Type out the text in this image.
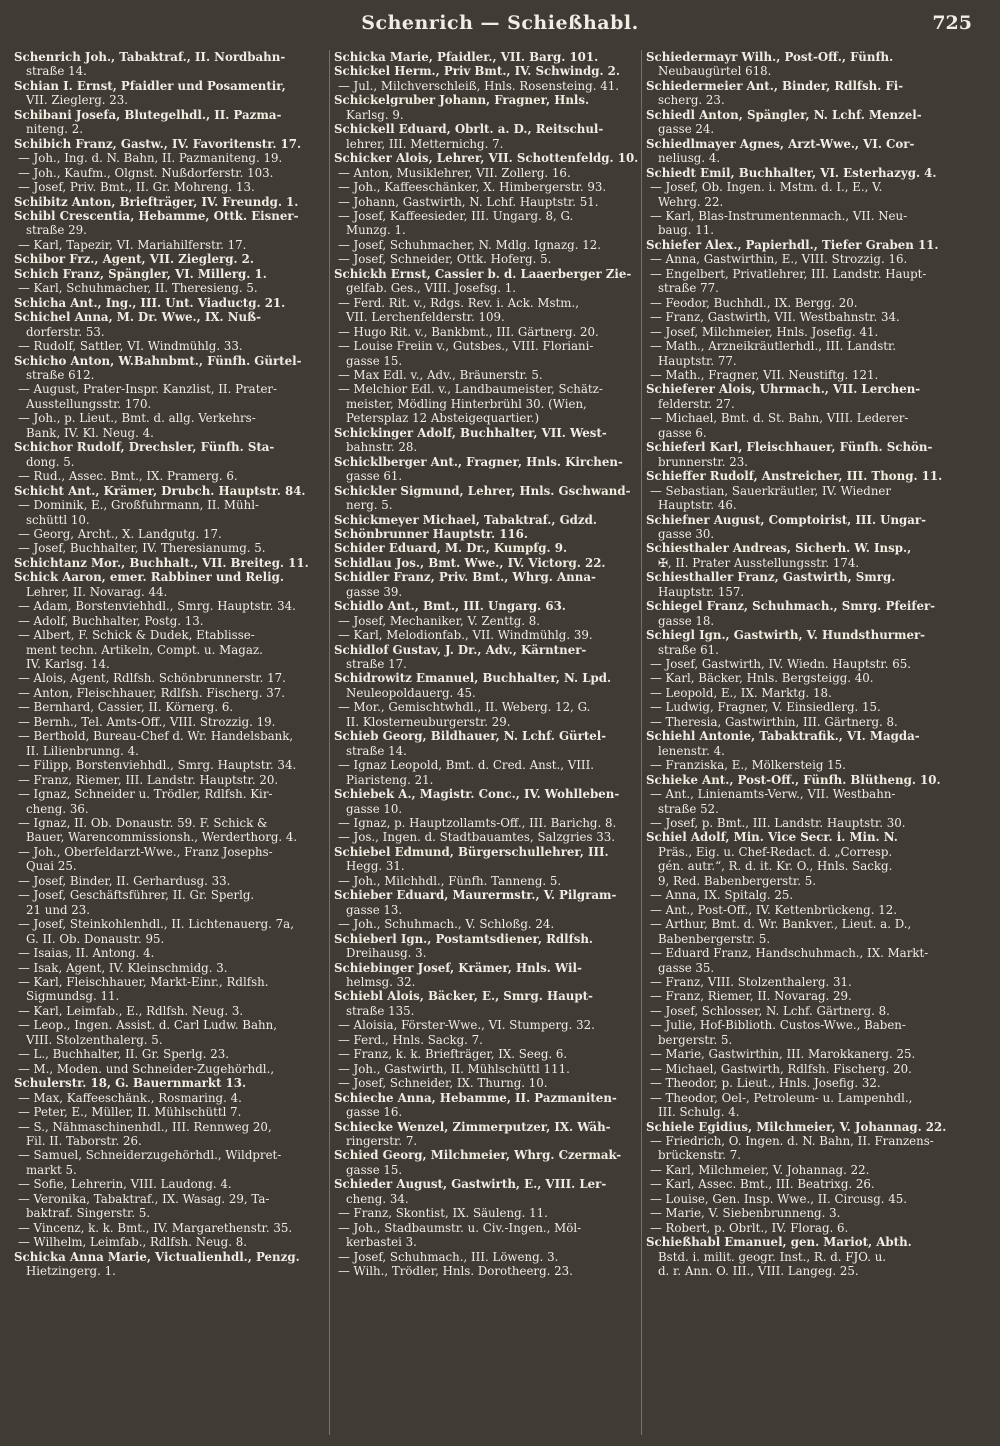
Schenrich — Schießhabl.	725
Schenrich Joh., Tabaktraf., II. Nordbahn-
straße 14.
Schian I. Ernst, Pfaidler und Posamentir,
VII. Zieglerg. 23.
Schibani Josefa, Blutegelhdl., II. Pazma-
niteng. 2.
Schibich Franz, Gastw., IV. Favoritenstr. 17.
— Joh., Ing. d. N. Bahn, II. Pazmaniteng. 19.
— Joh., Kaufm., Olgnst. Nußdorferstr. 103.
— Josef, Priv. Bmt., II. Gr. Mohreng. 13.
Schibitz Anton, Briefträger, IV. Freundg. 1.
Schibl Crescentia, Hebamme, Ottk. Eisner-
straße 29.
— Karl, Tapezir, VI. Mariahilferstr. 17.
Schibor Frz., Agent, VII. Zieglerg. 2.
Schich Franz, Spängler, VI. Millerg. 1.
— Karl, Schuhmacher, II. Theresieng. 5.
Schicha Ant., Ing., III. Unt. Viaductg. 21.
Schichel Anna, M. Dr. Wwe., IX. Nuß-
dorferstr. 53.
— Rudolf, Sattler, VI. Windmühlg. 33.
Schicho Anton, W.Bahnbmt., Fünfh. Gürtel-
straße 612.
— August, Prater-Inspr. Kanzlist, II. Prater-
Ausstellungsstr. 170.
— Joh., p. Lieut., Bmt. d. allg. Verkehrs-
Bank, IV. Kl. Neug. 4.
Schichor Rudolf, Drechsler, Fünfh. Sta-
dong. 5.
— Rud., Assec. Bmt., IX. Pramerg. 6.
Schicht Ant., Krämer, Drubch. Hauptstr. 84.
— Dominik, E., Großfuhrmann, II. Mühl-
schüttl 10.
— Georg, Archt., X. Landgutg. 17.
— Josef, Buchhalter, IV. Theresianumg. 5.
Schichtanz Mor., Buchhalt., VII. Breiteg. 11.
Schick Aaron, emer. Rabbiner und Relig.
Lehrer, II. Novarag. 44.
— Adam, Borstenviehhdl., Smrg. Hauptstr. 34.
— Adolf, Buchhalter, Postg. 13.
— Albert, F. Schick & Dudek, Etablisse-
ment techn. Artikeln, Compt. u. Magaz.
IV. Karlsg. 14.
— Alois, Agent, Rdlfsh. Schönbrunnerstr. 17.
— Anton, Fleischhauer, Rdlfsh. Fischerg. 37.
— Bernhard, Cassier, II. Körnerg. 6.
— Bernh., Tel. Amts-Off., VIII. Strozzig. 19.
— Berthold, Bureau-Chef d. Wr. Handelsbank,
II. Lilienbrunng. 4.
— Filipp, Borstenviehhdl., Smrg. Hauptstr. 34.
— Franz, Riemer, III. Landstr. Hauptstr. 20.
— Ignaz, Schneider u. Trödler, Rdlfsh. Kir-
cheng. 36.
— Ignaz, II. Ob. Donaustr. 59. F. Schick &
Bauer, Warencommissionsh., Werderthorg. 4.
— Joh., Oberfeldarzt-Wwe., Franz Josephs-
Quai 25.
— Josef, Binder, II. Gerhardusg. 33.
— Josef, Geschäftsführer, II. Gr. Sperlg.
21 und 23.
— Josef, Steinkohlenhdl., II. Lichtenauerg. 7a,
G. II. Ob. Donaustr. 95.
— Isaias, II. Antong. 4.
— Isak, Agent, IV. Kleinschmidg. 3.
— Karl, Fleischhauer, Markt-Einr., Rdlfsh.
Sigmundsg. 11.
— Karl, Leimfab., E., Rdlfsh. Neug. 3.
— Leop., Ingen. Assist. d. Carl Ludw. Bahn,
VIII. Stolzenthalerg. 5.
— L., Buchhalter, II. Gr. Sperlg. 23.
— M., Moden. und Schneider-Zugehörhdl.,
Schulerstr. 18, G. Bauernmarkt 13.
— Max, Kaffeeschänk., Rosmaring. 4.
— Peter, E., Müller, II. Mühlschüttl 7.
— S., Nähmaschinenhdl., III. Rennweg 20,
Fil. II. Taborstr. 26.
— Samuel, Schneiderzugehörhdl., Wildpret-
markt 5.
— Sofie, Lehrerin, VIII. Laudong. 4.
— Veronika, Tabaktraf., IX. Wasag. 29, Ta-
baktraf. Singerstr. 5.
— Vincenz, k. k. Bmt., IV. Margarethenstr. 35.
— Wilhelm, Leimfab., Rdlfsh. Neug. 8.
Schicka Anna Marie, Victualienhdl., Penzg.
Hietzingerg. 1.
Schicka Marie, Pfaidler., VII. Barg. 101.
Schickel Herm., Priv Bmt., IV. Schwindg. 2.
— Jul., Milchverschleiß, Hnls. Rosensteing. 41.
Schickelgruber Johann, Fragner, Hnls.
Karlsg. 9.
Schickell Eduard, Obrlt. a. D., Reitschul-
lehrer, III. Metternichg. 7.
Schicker Alois, Lehrer, VII. Schottenfeldg. 10.
— Anton, Musiklehrer, VII. Zollerg. 16.
— Joh., Kaffeeschänker, X. Himbergerstr. 93.
— Johann, Gastwirth, N. Lchf. Hauptstr. 51.
— Josef, Kaffeesieder, III. Ungarg. 8, G.
Munzg. 1.
— Josef, Schuhmacher, N. Mdlg. Ignazg. 12.
— Josef, Schneider, Ottk. Hoferg. 5.
Schickh Ernst, Cassier b. d. Laaerberger Zie-
gelfab. Ges., VIII. Josefsg. 1.
— Ferd. Rit. v., Rdgs. Rev. i. Ack. Mstm.,
VII. Lerchenfelderstr. 109.
— Hugo Rit. v., Bankbmt., III. Gärtnerg. 20.
— Louise Freiin v., Gutsbes., VIII. Floriani-
gasse 15.
— Max Edl. v., Adv., Bräunerstr. 5.
— Melchior Edl. v., Landbaumeister, Schätz-
meister, Mödling Hinterbrühl 30. (Wien,
Petersplaz 12 Absteigequartier.)
Schickinger Adolf, Buchhalter, VII. West-
bahnstr. 28.
Schicklberger Ant., Fragner, Hnls. Kirchen-
gasse 61.
Schickler Sigmund, Lehrer, Hnls. Gschwand-
nerg. 5.
Schickmeyer Michael, Tabaktraf., Gdzd.
Schönbrunner Hauptstr. 116.
Schider Eduard, M. Dr., Kumpfg. 9.
Schidlau Jos., Bmt. Wwe., IV. Victorg. 22.
Schidler Franz, Priv. Bmt., Whrg. Anna-
gasse 39.
Schidlo Ant., Bmt., III. Ungarg. 63.
— Josef, Mechaniker, V. Zenttg. 8.
— Karl, Melodionfab., VII. Windmühlg. 39.
Schidlof Gustav, J. Dr., Adv., Kärntner-
straße 17.
Schidrowitz Emanuel, Buchhalter, N. Lpd.
Neuleopoldauerg. 45.
— Mor., Gemischtwhdl., II. Weberg. 12, G.
II. Klosterneuburgerstr. 29.
Schieb Georg, Bildhauer, N. Lchf. Gürtel-
straße 14.
— Ignaz Leopold, Bmt. d. Cred. Anst., VIII.
Piaristeng. 21.
Schiebek A., Magistr. Conc., IV. Wohlleben-
gasse 10.
— Ignaz, p. Hauptzollamts-Off., III. Barichg. 8.
— Jos., Ingen. d. Stadtbauamtes, Salzgries 33.
Schiebel Edmund, Bürgerschullehrer, III.
Hegg. 31.
— Joh., Milchhdl., Fünfh. Tanneng. 5.
Schieber Eduard, Maurermstr., V. Pilgram-
gasse 13.
— Joh., Schuhmach., V. Schloßg. 24.
Schieberl Ign., Postamtsdiener, Rdlfsh.
Dreihausg. 3.
Schiebinger Josef, Krämer, Hnls. Wil-
helmsg. 32.
Schiebl Alois, Bäcker, E., Smrg. Haupt-
straße 135.
— Aloisia, Förster-Wwe., VI. Stumperg. 32.
— Ferd., Hnls. Sackg. 7.
— Franz, k. k. Briefträger, IX. Seeg. 6.
— Joh., Gastwirth, II. Mühlschüttl 111.
— Josef, Schneider, IX. Thurng. 10.
Schieche Anna, Hebamme, II. Pazmaniten-
gasse 16.
Schiecke Wenzel, Zimmerputzer, IX. Wäh-
ringerstr. 7.
Schied Georg, Milchmeier, Whrg. Czermak-
gasse 15.
Schieder August, Gastwirth, E., VIII. Ler-
cheng. 34.
— Franz, Skontist, IX. Säuleng. 11.
— Joh., Stadbaumstr. u. Civ.-Ingen., Möl-
kerbastei 3.
— Josef, Schuhmach., III. Löweng. 3.
— Wilh., Trödler, Hnls. Dorotheerg. 23.
Schiedermayr Wilh., Post-Off., Fünfh.
Neubaugürtel 618.
Schiedermeier Ant., Binder, Rdlfsh. Fi-
scherg. 23.
Schiedl Anton, Spängler, N. Lchf. Menzel-
gasse 24.
Schiedlmayer Agnes, Arzt-Wwe., VI. Cor-
neliusg. 4.
Schiedt Emil, Buchhalter, VI. Esterhazyg. 4.
— Josef, Ob. Ingen. i. Mstm. d. I., E., V.
Wehrg. 22.
— Karl, Blas-Instrumentenmach., VII. Neu-
baug. 11.
Schiefer Alex., Papierhdl., Tiefer Graben 11.
— Anna, Gastwirthin, E., VIII. Strozzig. 16.
— Engelbert, Privatlehrer, III. Landstr. Haupt-
straße 77.
— Feodor, Buchhdl., IX. Bergg. 20.
— Franz, Gastwirth, VII. Westbahnstr. 34.
— Josef, Milchmeier, Hnls. Josefig. 41.
— Math., Arzneikräutlerhdl., III. Landstr.
Hauptstr. 77.
— Math., Fragner, VII. Neustiftg. 121.
Schieferer Alois, Uhrmach., VII. Lerchen-
felderstr. 27.
— Michael, Bmt. d. St. Bahn, VIII. Lederer-
gasse 6.
Schieferl Karl, Fleischhauer, Fünfh. Schön-
brunnerstr. 23.
Schieffer Rudolf, Anstreicher, III. Thong. 11.
— Sebastian, Sauerkräutler, IV. Wiedner
Hauptstr. 46.
Schiefner August, Comptoirist, III. Ungar-
gasse 30.
Schiesthaler Andreas, Sicherh. W. Insp.,
✠, II. Prater Ausstellungsstr. 174.
Schiesthaller Franz, Gastwirth, Smrg.
Hauptstr. 157.
Schiegel Franz, Schuhmach., Smrg. Pfeifer-
gasse 18.
Schiegl Ign., Gastwirth, V. Hundsthurmer-
straße 61.
— Josef, Gastwirth, IV. Wiedn. Hauptstr. 65.
— Karl, Bäcker, Hnls. Bergsteigg. 40.
— Leopold, E., IX. Marktg. 18.
— Ludwig, Fragner, V. Einsiedlerg. 15.
— Theresia, Gastwirthin, III. Gärtnerg. 8.
Schiehl Antonie, Tabaktrafik., VI. Magda-
lenenstr. 4.
— Franziska, E., Mölkersteig 15.
Schieke Ant., Post-Off., Fünfh. Blütheng. 10.
— Ant., Linienamts-Verw., VII. Westbahn-
straße 52.
— Josef, p. Bmt., III. Landstr. Hauptstr. 30.
Schiel Adolf, Min. Vice Secr. i. Min. N.
Präs., Eig. u. Chef-Redact. d. „Corresp.
gén. autr.“, R. d. it. Kr. O., Hnls. Sackg.
9, Red. Babenbergerstr. 5.
— Anna, IX. Spitalg. 25.
— Ant., Post-Off., IV. Kettenbrückeng. 12.
— Arthur, Bmt. d. Wr. Bankver., Lieut. a. D.,
Babenbergerstr. 5.
— Eduard Franz, Handschuhmach., IX. Markt-
gasse 35.
— Franz, VIII. Stolzenthalerg. 31.
— Franz, Riemer, II. Novarag. 29.
— Josef, Schlosser, N. Lchf. Gärtnerg. 8.
— Julie, Hof-Biblioth. Custos-Wwe., Baben-
bergerstr. 5.
— Marie, Gastwirthin, III. Marokkanerg. 25.
— Michael, Gastwirth, Rdlfsh. Fischerg. 20.
— Theodor, p. Lieut., Hnls. Josefig. 32.
— Theodor, Oel-, Petroleum- u. Lampenhdl.,
III. Schulg. 4.
Schiele Egidius, Milchmeier, V. Johannag. 22.
— Friedrich, O. Ingen. d. N. Bahn, II. Franzens-
brückenstr. 7.
— Karl, Milchmeier, V. Johannag. 22.
— Karl, Assec. Bmt., III. Beatrixg. 26.
— Louise, Gen. Insp. Wwe., II. Circusg. 45.
— Marie, V. Siebenbrunneng. 3.
— Robert, p. Obrlt., IV. Florag. 6.
Schießhabl Emanuel, gen. Mariot, Abth.
Bstd. i. milit. geogr. Inst., R. d. FJO. u.
d. r. Ann. O. III., VIII. Langeg. 25.
